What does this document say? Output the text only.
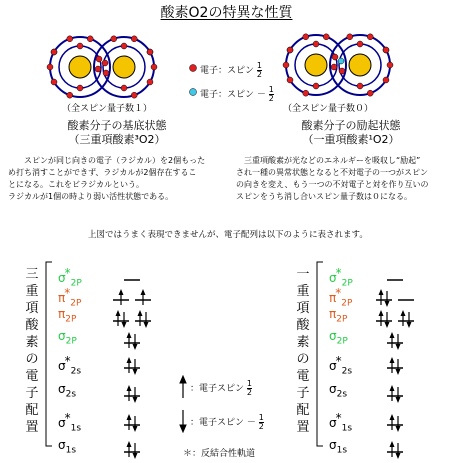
酸素O2の特異な性質
電子：スピン $\frac{1}{2}$
電子：スピン － $\frac{1}{2}$
（全スピン量子数１）
酸素分子の基底状態
（三重項酸素³O2）
スピンが同じ向きの電子（ラジカル）を2個もった
め打ち消すことができず、ラジカルが2個存在するこ
とになる。これをビラジカルという。
ラジカルが1個の時より弱い活性状態である。
（全スピン量子数０）
酸素分子の励起状態
（一重項酸素¹O2）
三重項酸素が光などのエネルギーを吸収し“励起”
され一種の異常状態となると不対電子の一つがスピン
の向きを変え、もう一つの不対電子と対を作り互いの
スピンをうち消し合いスピン量子数は０になる。
上図ではうまく表現できませんが、電子配列は以下のように表されます。
三
重
項
酸
素
の
電
子
配
置
一
重
項
酸
素
の
電
子
配
置
$\sigma^*_{2P}$
$\pi^*_{2P}$
$\pi_{2P}$
$\sigma_{2P}$
$\sigma^*_{2s}$
$\sigma_{2s}$
$\sigma^*_{1s}$
$\sigma_{1s}$
$\sigma^*_{2P}$
$\pi^*_{2P}$
$\pi_{2P}$
$\sigma_{2P}$
$\sigma^*_{2s}$
$\sigma_{2s}$
$\sigma^*_{1s}$
$\sigma_{1s}$
：電子スピン $\frac{1}{2}$
：電子スピン － $\frac{1}{2}$
＊：反結合性軌道
